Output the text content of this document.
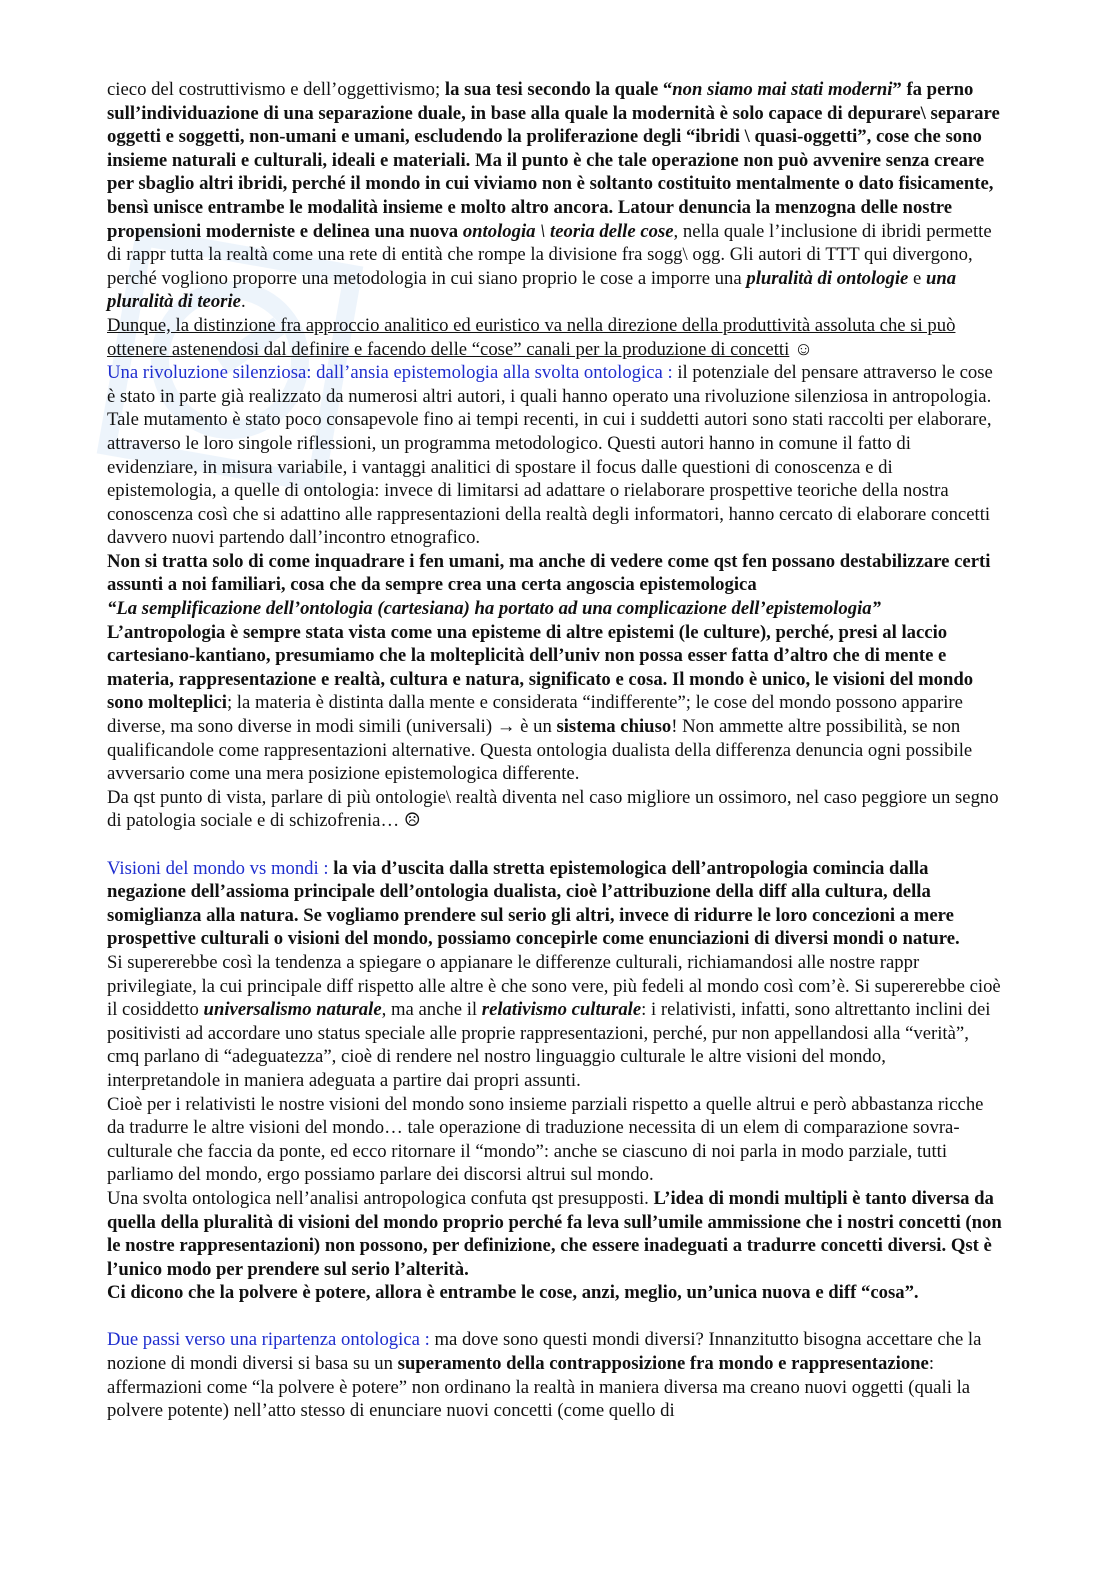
cieco del costruttivismo e dell’oggettivismo; la sua tesi secondo la quale “non siamo mai stati moderni” fa perno sull’individuazione di una separazione duale, in base alla quale la modernità è solo capace di depurare\ separare oggetti e soggetti, non-umani e umani, escludendo la proliferazione degli “ibridi \ quasi-oggetti”, cose che sono insieme naturali e culturali, ideali e materiali. Ma il punto è che tale operazione non può avvenire senza creare per sbaglio altri ibridi, perché il mondo in cui viviamo non è soltanto costituito mentalmente o dato fisicamente, bensì unisce entrambe le modalità insieme e molto altro ancora. Latour denuncia la menzogna delle nostre propensioni moderniste e delinea una nuova ontologia \ teoria delle cose, nella quale l’inclusione di ibridi permette di rappr tutta la realtà come una rete di entità che rompe la divisione fra sogg\ ogg. Gli autori di TTT qui divergono, perché vogliono proporre una metodologia in cui siano proprio le cose a imporre una pluralità di ontologie e una pluralità di teorie.

Dunque, la distinzione fra approccio analitico ed euristico va nella direzione della produttività assoluta che si può ottenere astenendosi dal definire e facendo delle “cose” canali per la produzione di concetti ☺

Una rivoluzione silenziosa: dall’ansia epistemologia alla svolta ontologica : il potenziale del pensare attraverso le cose è stato in parte già realizzato da numerosi altri autori, i quali hanno operato una rivoluzione silenziosa in antropologia. Tale mutamento è stato poco consapevole fino ai tempi recenti, in cui i suddetti autori sono stati raccolti per elaborare, attraverso le loro singole riflessioni, un programma metodologico. Questi autori hanno in comune il fatto di evidenziare, in misura variabile, i vantaggi analitici di spostare il focus dalle questioni di conoscenza e di epistemologia, a quelle di ontologia: invece di limitarsi ad adattare o rielaborare prospettive teoriche della nostra conoscenza così che si adattino alle rappresentazioni della realtà degli informatori, hanno cercato di elaborare concetti davvero nuovi partendo dall’incontro etnografico.

Non si tratta solo di come inquadrare i fen umani, ma anche di vedere come qst fen possano destabilizzare certi assunti a noi familiari, cosa che da sempre crea una certa angoscia epistemologica

“La semplificazione dell’ontologia (cartesiana) ha portato ad una complicazione dell’epistemologia”

L’antropologia è sempre stata vista come una episteme di altre epistemi (le culture), perché, presi al laccio cartesiano-kantiano, presumiamo che la molteplicità dell’univ non possa esser fatta d’altro che di mente e materia, rappresentazione e realtà, cultura e natura, significato e cosa. Il mondo è unico, le visioni del mondo sono molteplici; la materia è distinta dalla mente e considerata “indifferente”; le cose del mondo possono apparire diverse, ma sono diverse in modi simili (universali) → è un sistema chiuso! Non ammette altre possibilità, se non qualificandole come rappresentazioni alternative. Questa ontologia dualista della differenza denuncia ogni possibile avversario come una mera posizione epistemologica differente.

Da qst punto di vista, parlare di più ontologie\ realtà diventa nel caso migliore un ossimoro, nel caso peggiore un segno di patologia sociale e di schizofrenia… ☹

Visioni del mondo vs mondi : la via d’uscita dalla stretta epistemologica dell’antropologia comincia dalla negazione dell’assioma principale dell’ontologia dualista, cioè l’attribuzione della diff alla cultura, della somiglianza alla natura. Se vogliamo prendere sul serio gli altri, invece di ridurre le loro concezioni a mere prospettive culturali o visioni del mondo, possiamo concepirle come enunciazioni di diversi mondi o nature.

Si supererebbe così la tendenza a spiegare o appianare le differenze culturali, richiamandosi alle nostre rappr privilegiate, la cui principale diff rispetto alle altre è che sono vere, più fedeli al mondo così com’è. Si supererebbe cioè il cosiddetto universalismo naturale, ma anche il relativismo culturale: i relativisti, infatti, sono altrettanto inclini dei positivisti ad accordare uno status speciale alle proprie rappresentazioni, perché, pur non appellandosi alla “verità”, cmq parlano di “adeguatezza”, cioè di rendere nel nostro linguaggio culturale le altre visioni del mondo, interpretandole in maniera adeguata a partire dai propri assunti.

Cioè per i relativisti le nostre visioni del mondo sono insieme parziali rispetto a quelle altrui e però abbastanza ricche da tradurre le altre visioni del mondo… tale operazione di traduzione necessita di un elem di comparazione sovra-culturale che faccia da ponte, ed ecco ritornare il “mondo”: anche se ciascuno di noi parla in modo parziale, tutti parliamo del mondo, ergo possiamo parlare dei discorsi altrui sul mondo.

Una svolta ontologica nell’analisi antropologica confuta qst presupposti. L’idea di mondi multipli è tanto diversa da quella della pluralità di visioni del mondo proprio perché fa leva sull’umile ammissione che i nostri concetti (non le nostre rappresentazioni) non possono, per definizione, che essere inadeguati a tradurre concetti diversi. Qst è l’unico modo per prendere sul serio l’alterità.

Ci dicono che la polvere è potere, allora è entrambe le cose, anzi, meglio, un’unica nuova e diff “cosa”.

Due passi verso una ripartenza ontologica : ma dove sono questi mondi diversi? Innanzitutto bisogna accettare che la nozione di mondi diversi si basa su un superamento della contrapposizione fra mondo e rappresentazione: affermazioni come “la polvere è potere” non ordinano la realtà in maniera diversa ma creano nuovi oggetti (quali la polvere potente) nell’atto stesso di enunciare nuovi concetti (come quello di
